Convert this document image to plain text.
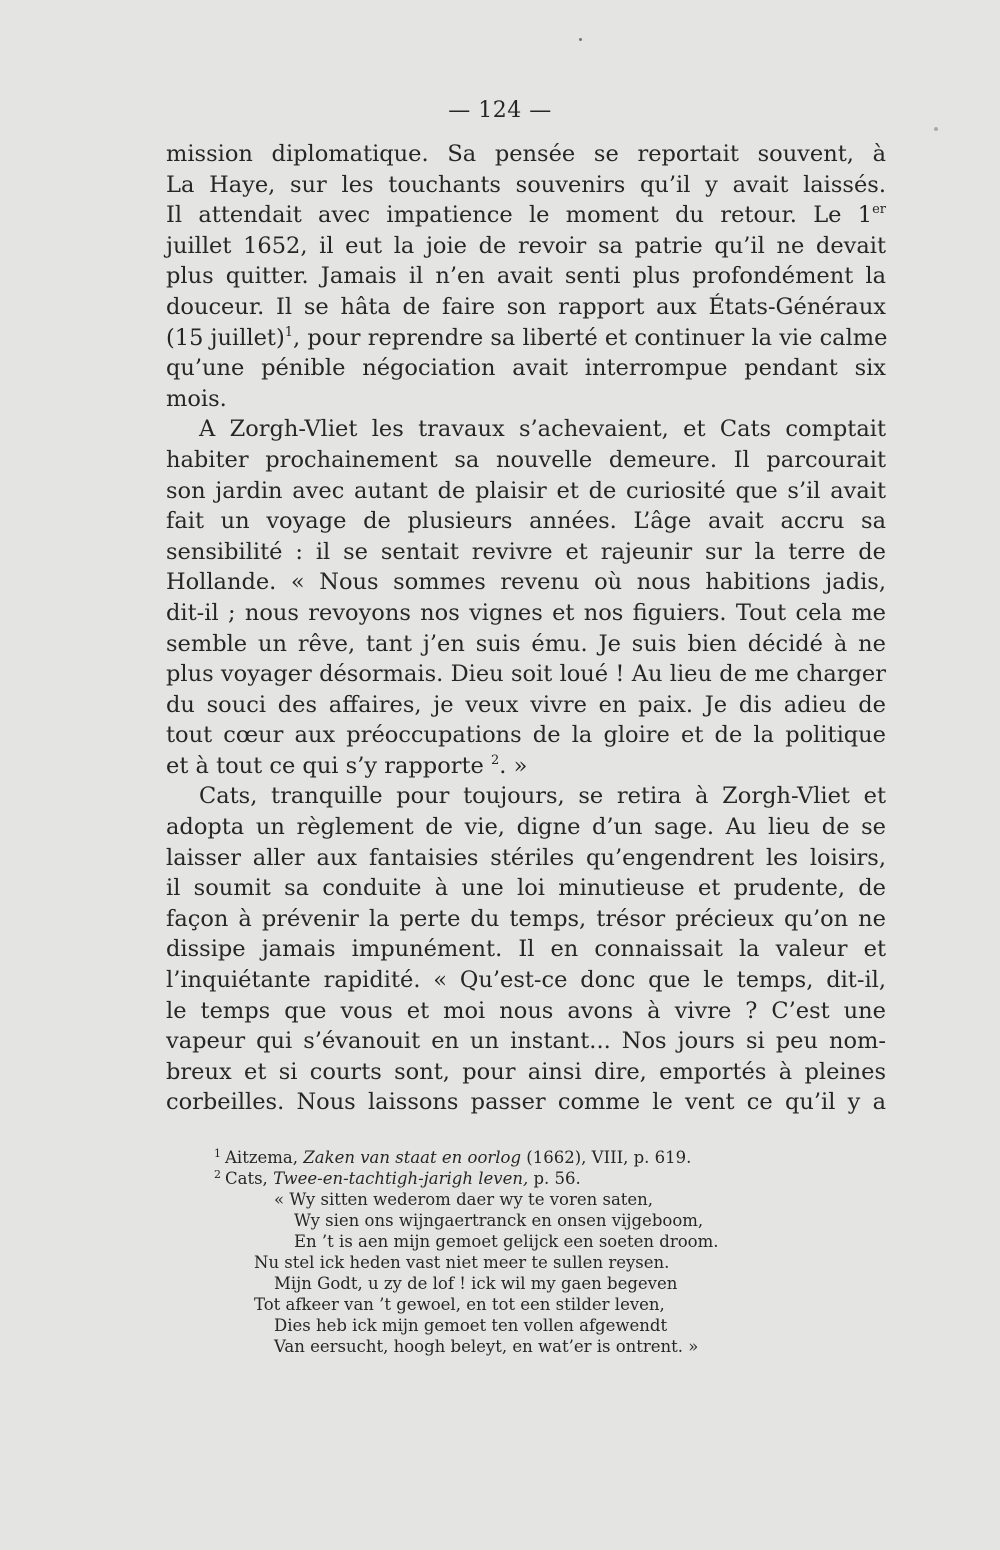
— 124 —
mission diplomatique. Sa pensée se reportait souvent, à
La Haye, sur les touchants souvenirs qu’il y avait laissés.
Il attendait avec impatience le moment du retour. Le 1er
juillet 1652, il eut la joie de revoir sa patrie qu’il ne devait
plus quitter. Jamais il n’en avait senti plus profondément la
douceur. Il se hâta de faire son rapport aux États-Généraux
(15 juillet)$^1$, pour reprendre sa liberté et continuer la vie calme
qu’une pénible négociation avait interrompue pendant six
mois.
A Zorgh-Vliet les travaux s’achevaient, et Cats comptait
habiter prochainement sa nouvelle demeure. Il parcourait
son jardin avec autant de plaisir et de curiosité que s’il avait
fait un voyage de plusieurs années. L’âge avait accru sa
sensibilité : il se sentait revivre et rajeunir sur la terre de
Hollande. « Nous sommes revenu où nous habitions jadis,
dit-il ; nous revoyons nos vignes et nos figuiers. Tout cela me
semble un rêve, tant j’en suis ému. Je suis bien décidé à ne
plus voyager désormais. Dieu soit loué ! Au lieu de me charger
du souci des affaires, je veux vivre en paix. Je dis adieu de
tout cœur aux préoccupations de la gloire et de la politique
et à tout ce qui s’y rapporte $^2$. »
Cats, tranquille pour toujours, se retira à Zorgh-Vliet et
adopta un règlement de vie, digne d’un sage. Au lieu de se
laisser aller aux fantaisies stériles qu’engendrent les loisirs,
il soumit sa conduite à une loi minutieuse et prudente, de
façon à prévenir la perte du temps, trésor précieux qu’on ne
dissipe jamais impunément. Il en connaissait la valeur et
l’inquiétante rapidité. « Qu’est-ce donc que le temps, dit-il,
le temps que vous et moi nous avons à vivre ? C’est une
vapeur qui s’évanouit en un instant... Nos jours si peu nom-
breux et si courts sont, pour ainsi dire, emportés à pleines
corbeilles. Nous laissons passer comme le vent ce qu’il y a
$^1$ Aitzema, Zaken van staat en oorlog (1662), VIII, p. 619.
$^2$ Cats, Twee-en-tachtigh-jarigh leven, p. 56.
« Wy sitten wederom daer wy te voren saten,
Wy sien ons wijngaertranck en onsen vijgeboom,
En ’t is aen mijn gemoet gelijck een soeten droom.
Nu stel ick heden vast niet meer te sullen reysen.
Mijn Godt, u zy de lof ! ick wil my gaen begeven
Tot afkeer van ’t gewoel, en tot een stilder leven,
Dies heb ick mijn gemoet ten vollen afgewendt
Van eersucht, hoogh beleyt, en wat’er is ontrent. »
